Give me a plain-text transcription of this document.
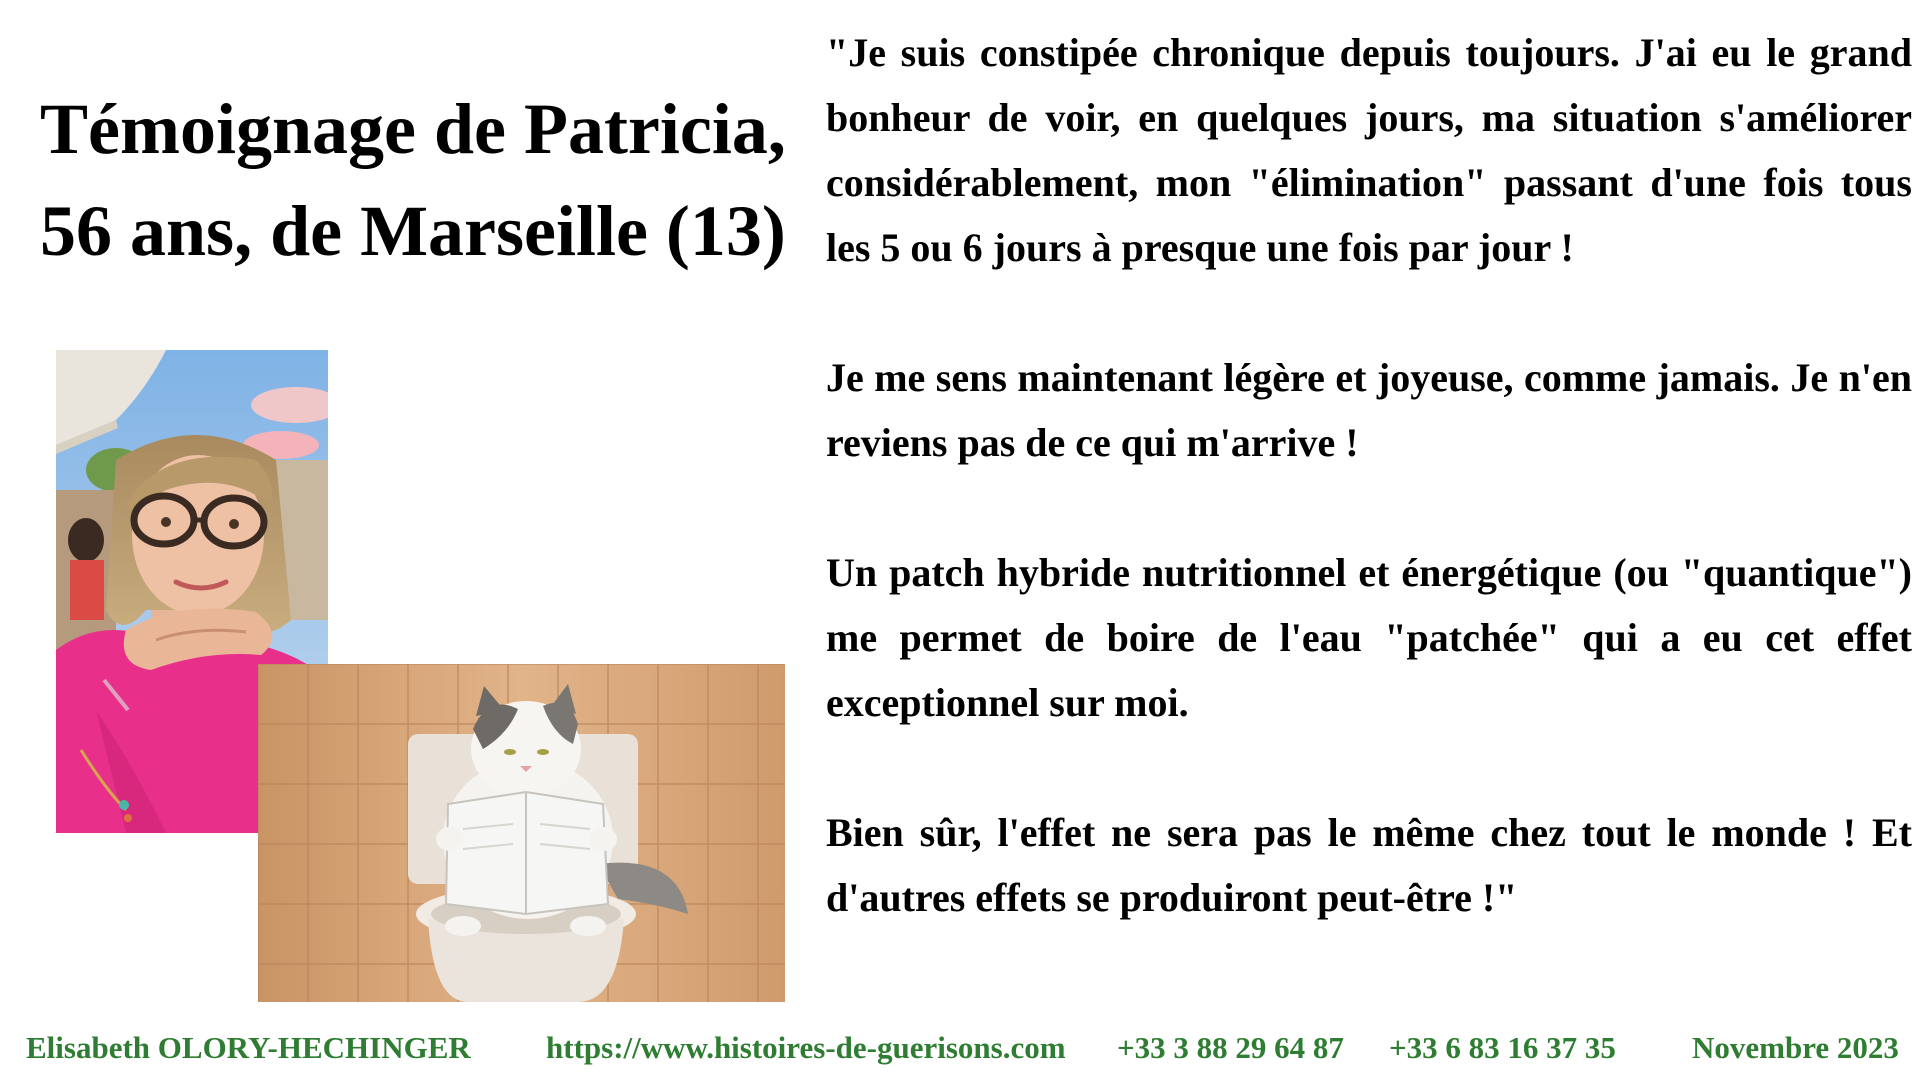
Témoignage de Patricia,
56 ans, de Marseille (13)

"Je suis constipée chronique depuis toujours. J'ai eu le grand bonheur de voir, en quelques jours, ma situation s'améliorer considérablement, mon "élimination" passant d'une fois tous les 5 ou 6 jours à presque une fois par jour !

Je me sens maintenant légère et joyeuse, comme jamais. Je n'en reviens pas de ce qui m'arrive !

Un patch hybride nutritionnel et énergétique (ou "quantique") me permet de boire de l'eau "patchée" qui a eu cet effet exceptionnel sur moi.

Bien sûr, l'effet ne sera pas le même chez tout le monde ! Et d'autres effets se produiront peut-être !"

Elisabeth OLORY-HECHINGER https://www.histoires-de-guerisons.com +33 3 88 29 64 87 +33 6 83 16 37 35 Novembre 2023
